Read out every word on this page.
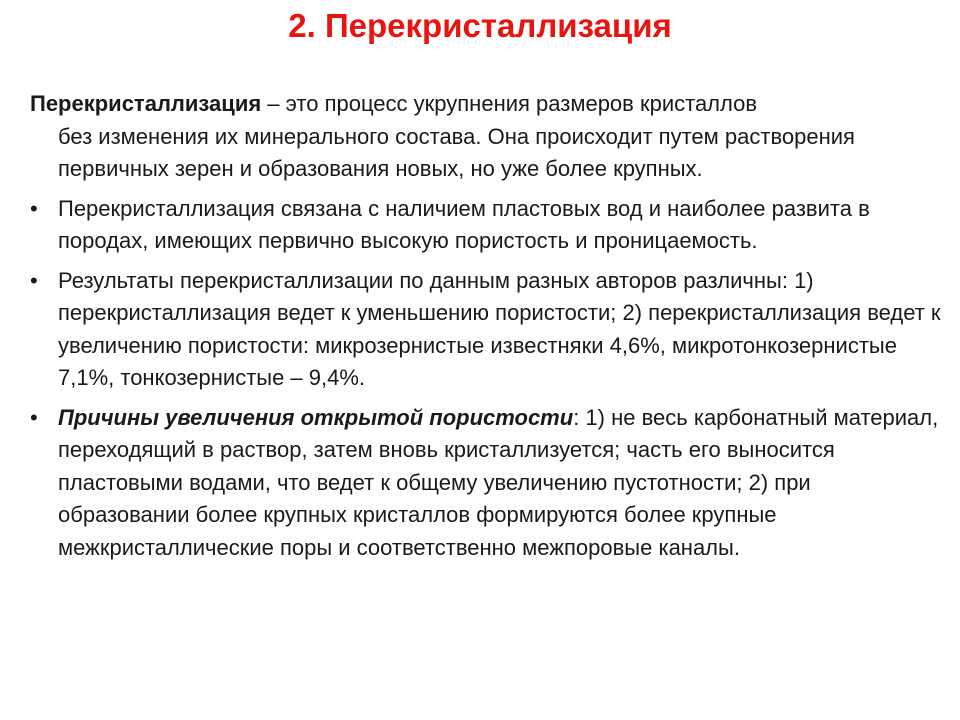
2. Перекристаллизация
Перекристаллизация – это процесс укрупнения размеров кристаллов
без изменения их минерального состава. Она происходит путем растворения первичных зерен и образования новых, но уже более крупных.
• Перекристаллизация связана с наличием пластовых вод и наиболее развита в породах, имеющих первично высокую пористость и проницаемость.
• Результаты перекристаллизации по данным разных авторов различны: 1) перекристаллизация ведет к уменьшению пористости; 2) перекристаллизация ведет к увеличению пористости: микрозернистые известняки 4,6%, микротонкозернистые 7,1%, тонкозернистые – 9,4%.
• Причины увеличения открытой пористости: 1) не весь карбонатный материал, переходящий в раствор, затем вновь кристаллизуется; часть его выносится пластовыми водами, что ведет к общему увеличению пустотности; 2) при образовании более крупных кристаллов формируются более крупные межкристаллические поры и соответственно межпоровые каналы.
